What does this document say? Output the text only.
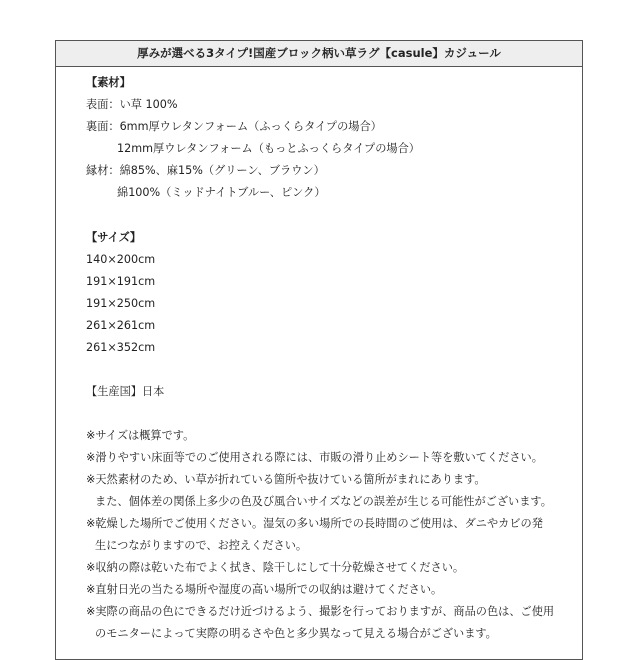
厚みが選べる3タイプ!国産ブロック柄い草ラグ【casule】カジュール
【素材】
表面：い草 100%
裏面：6mm厚ウレタンフォーム（ふっくらタイプの場合）
12mm厚ウレタンフォーム（もっとふっくらタイプの場合）
縁材：綿85%、麻15%（グリーン、ブラウン）
綿100%（ミッドナイトブルー、ピンク）
【サイズ】
140×200cm
191×191cm
191×250cm
261×261cm
261×352cm
【生産国】日本
※サイズは概算です。
※滑りやすい床面等でのご使用される際には、市販の滑り止めシート等を敷いてください。
※天然素材のため、い草が折れている箇所や抜けている箇所がまれにあります。
また、個体差の関係上多少の色及び風合いサイズなどの誤差が生じる可能性がございます。
※乾燥した場所でご使用ください。湿気の多い場所での長時間のご使用は、ダニやカビの発
生につながりますので、お控えください。
※収納の際は乾いた布でよく拭き、陰干しにして十分乾燥させてください。
※直射日光の当たる場所や湿度の高い場所での収納は避けてください。
※実際の商品の色にできるだけ近づけるよう、撮影を行っておりますが、商品の色は、ご使用
のモニターによって実際の明るさや色と多少異なって見える場合がございます。
